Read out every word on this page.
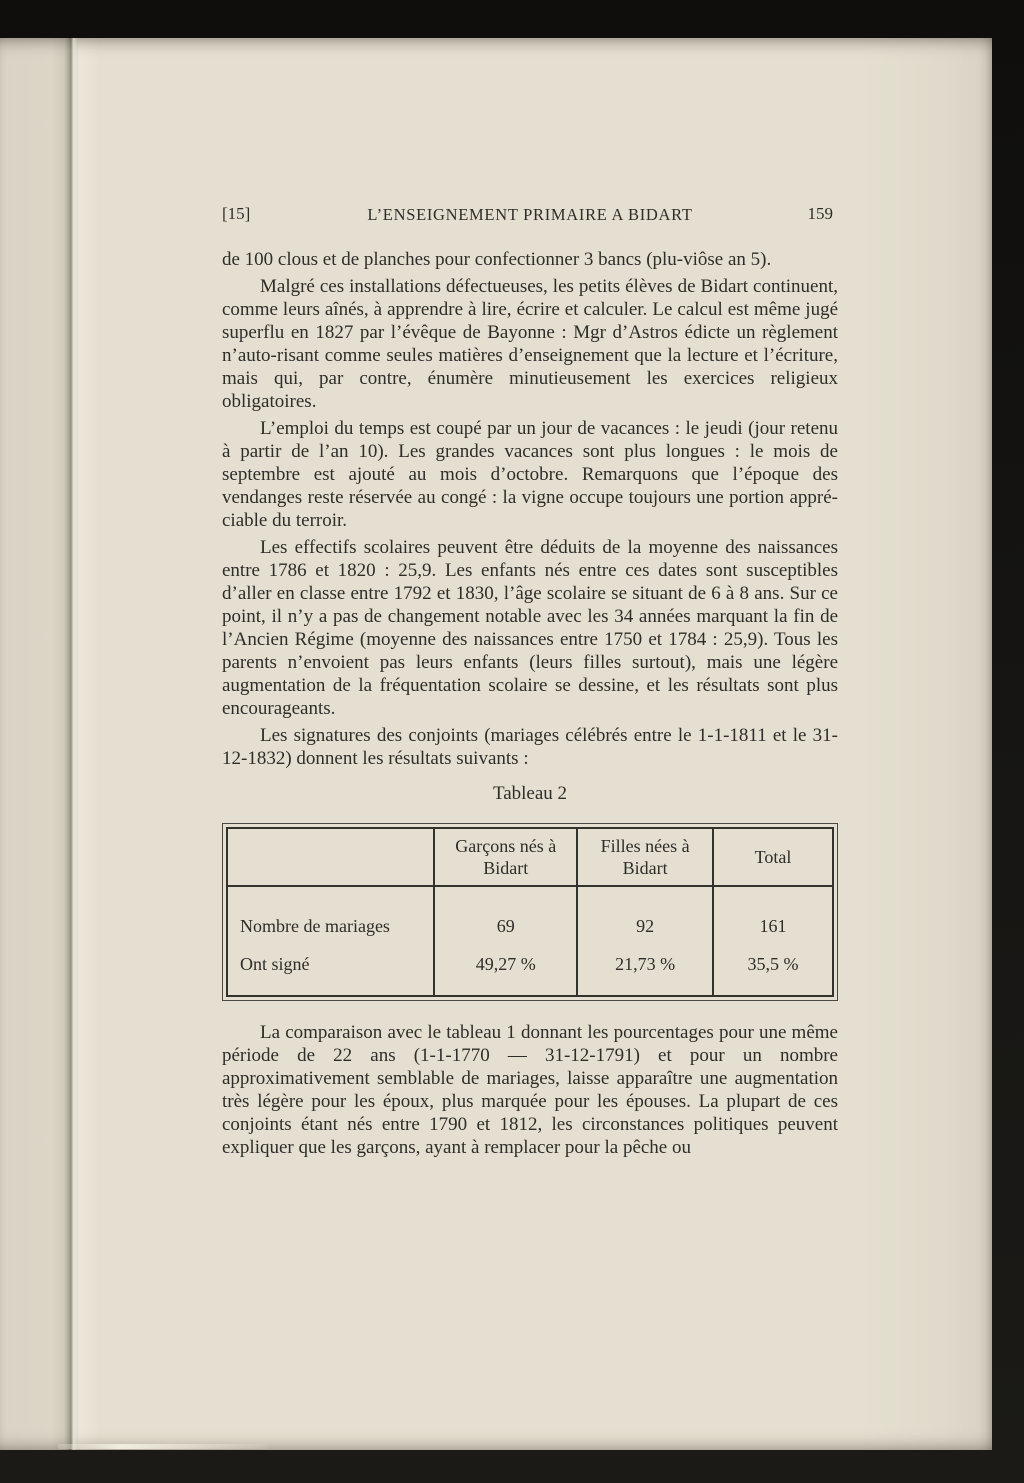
[15]	L’ENSEIGNEMENT PRIMAIRE A BIDART	159

de 100 clous et de planches pour confectionner 3 bancs (plu-viôse an 5).

Malgré ces installations défectueuses, les petits élèves de Bidart continuent, comme leurs aînés, à apprendre à lire, écrire et calculer. Le calcul est même jugé superflu en 1827 par l’évêque de Bayonne : Mgr d’Astros édicte un règlement n’auto-risant comme seules matières d’enseignement que la lecture et l’écriture, mais qui, par contre, énumère minutieusement les exercices religieux obligatoires.

L’emploi du temps est coupé par un jour de vacances : le jeudi (jour retenu à partir de l’an 10). Les grandes vacances sont plus longues : le mois de septembre est ajouté au mois d’octobre. Remarquons que l’époque des vendanges reste réservée au congé : la vigne occupe toujours une portion appré-ciable du terroir.

Les effectifs scolaires peuvent être déduits de la moyenne des naissances entre 1786 et 1820 : 25,9. Les enfants nés entre ces dates sont susceptibles d’aller en classe entre 1792 et 1830, l’âge scolaire se situant de 6 à 8 ans. Sur ce point, il n’y a pas de changement notable avec les 34 années marquant la fin de l’Ancien Régime (moyenne des naissances entre 1750 et 1784 : 25,9). Tous les parents n’envoient pas leurs enfants (leurs filles surtout), mais une légère augmentation de la fréquentation scolaire se dessine, et les résultats sont plus encourageants.

Les signatures des conjoints (mariages célébrés entre le 1-1-1811 et le 31-12-1832) donnent les résultats suivants :

Tableau 2

	Garçons nés à Bidart	Filles nées à Bidart	Total
Nombre de mariages	69	92	161
Ont signé	49,27 %	21,73 %	35,5 %

La comparaison avec le tableau 1 donnant les pourcentages pour une même période de 22 ans (1-1-1770 — 31-12-1791) et pour un nombre approximativement semblable de mariages, laisse apparaître une augmentation très légère pour les époux, plus marquée pour les épouses. La plupart de ces conjoints étant nés entre 1790 et 1812, les circonstances politiques peuvent expliquer que les garçons, ayant à remplacer pour la pêche ou
